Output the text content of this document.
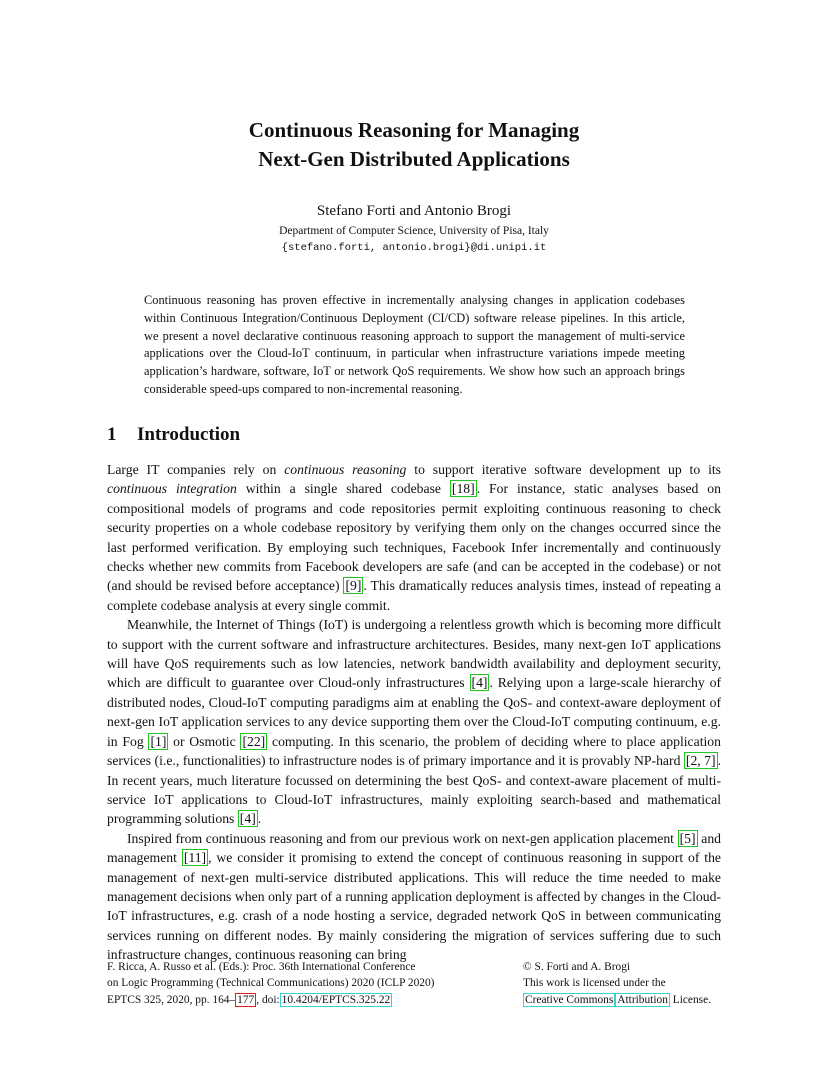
Continuous Reasoning for Managing
Next-Gen Distributed Applications
Stefano Forti and Antonio Brogi
Department of Computer Science, University of Pisa, Italy
{stefano.forti, antonio.brogi}@di.unipi.it
Continuous reasoning has proven effective in incrementally analysing changes in application codebases within Continuous Integration/Continuous Deployment (CI/CD) software release pipelines. In this article, we present a novel declarative continuous reasoning approach to support the management of multi-service applications over the Cloud-IoT continuum, in particular when infrastructure variations impede meeting application’s hardware, software, IoT or network QoS requirements. We show how such an approach brings considerable speed-ups compared to non-incremental reasoning.
1 Introduction

Large IT companies rely on continuous reasoning to support iterative software development up to its continuous integration within a single shared codebase [18] . For instance, static analyses based on compositional models of programs and code repositories permit exploiting continuous reasoning to check security properties on a whole codebase repository by verifying them only on the changes occurred since the last performed verification. By employing such techniques, Facebook Infer incrementally and continuously checks whether new commits from Facebook developers are safe (and can be accepted in the codebase) or not (and should be revised before acceptance) [9] . This dramatically reduces analysis times, instead of repeating a complete codebase analysis at every single commit.

Meanwhile, the Internet of Things (IoT) is undergoing a relentless growth which is becoming more difficult to support with the current software and infrastructure architectures. Besides, many next-gen IoT applications will have QoS requirements such as low latencies, network bandwidth availability and deployment security, which are difficult to guarantee over Cloud-only infrastructures [4] . Relying upon a large-scale hierarchy of distributed nodes, Cloud-IoT computing paradigms aim at enabling the QoS- and context-aware deployment of next-gen IoT application services to any device supporting them over the Cloud-IoT computing continuum, e.g. in Fog [1] or Osmotic [22] computing. In this scenario, the problem of deciding where to place application services (i.e., functionalities) to infrastructure nodes is of primary importance and it is provably NP-hard [2, 7] . In recent years, much literature focussed on determining the best QoS- and context-aware placement of multi-service IoT applications to Cloud-IoT infrastructures, mainly exploiting search-based and mathematical programming solutions [4] .

Inspired from continuous reasoning and from our previous work on next-gen application placement [5] and management [11] , we consider it promising to extend the concept of continuous reasoning in support of the management of next-gen multi-service distributed applications. This will reduce the time needed to make management decisions when only part of a running application deployment is affected by changes in the Cloud-IoT infrastructures, e.g. crash of a node hosting a service, degraded network QoS in between communicating services running on different nodes. By mainly considering the migration of services suffering due to such infrastructure changes, continuous reasoning can bring

F. Ricca, A. Russo et al. (Eds.): Proc. 36th International Conference
on Logic Programming (Technical Communications) 2020 (ICLP 2020)
EPTCS 325, 2020, pp. 164– 177 , doi: 10.4204/EPTCS.325.22
© S. Forti and A. Brogi
This work is licensed under the
Creative Commons Attribution License.
